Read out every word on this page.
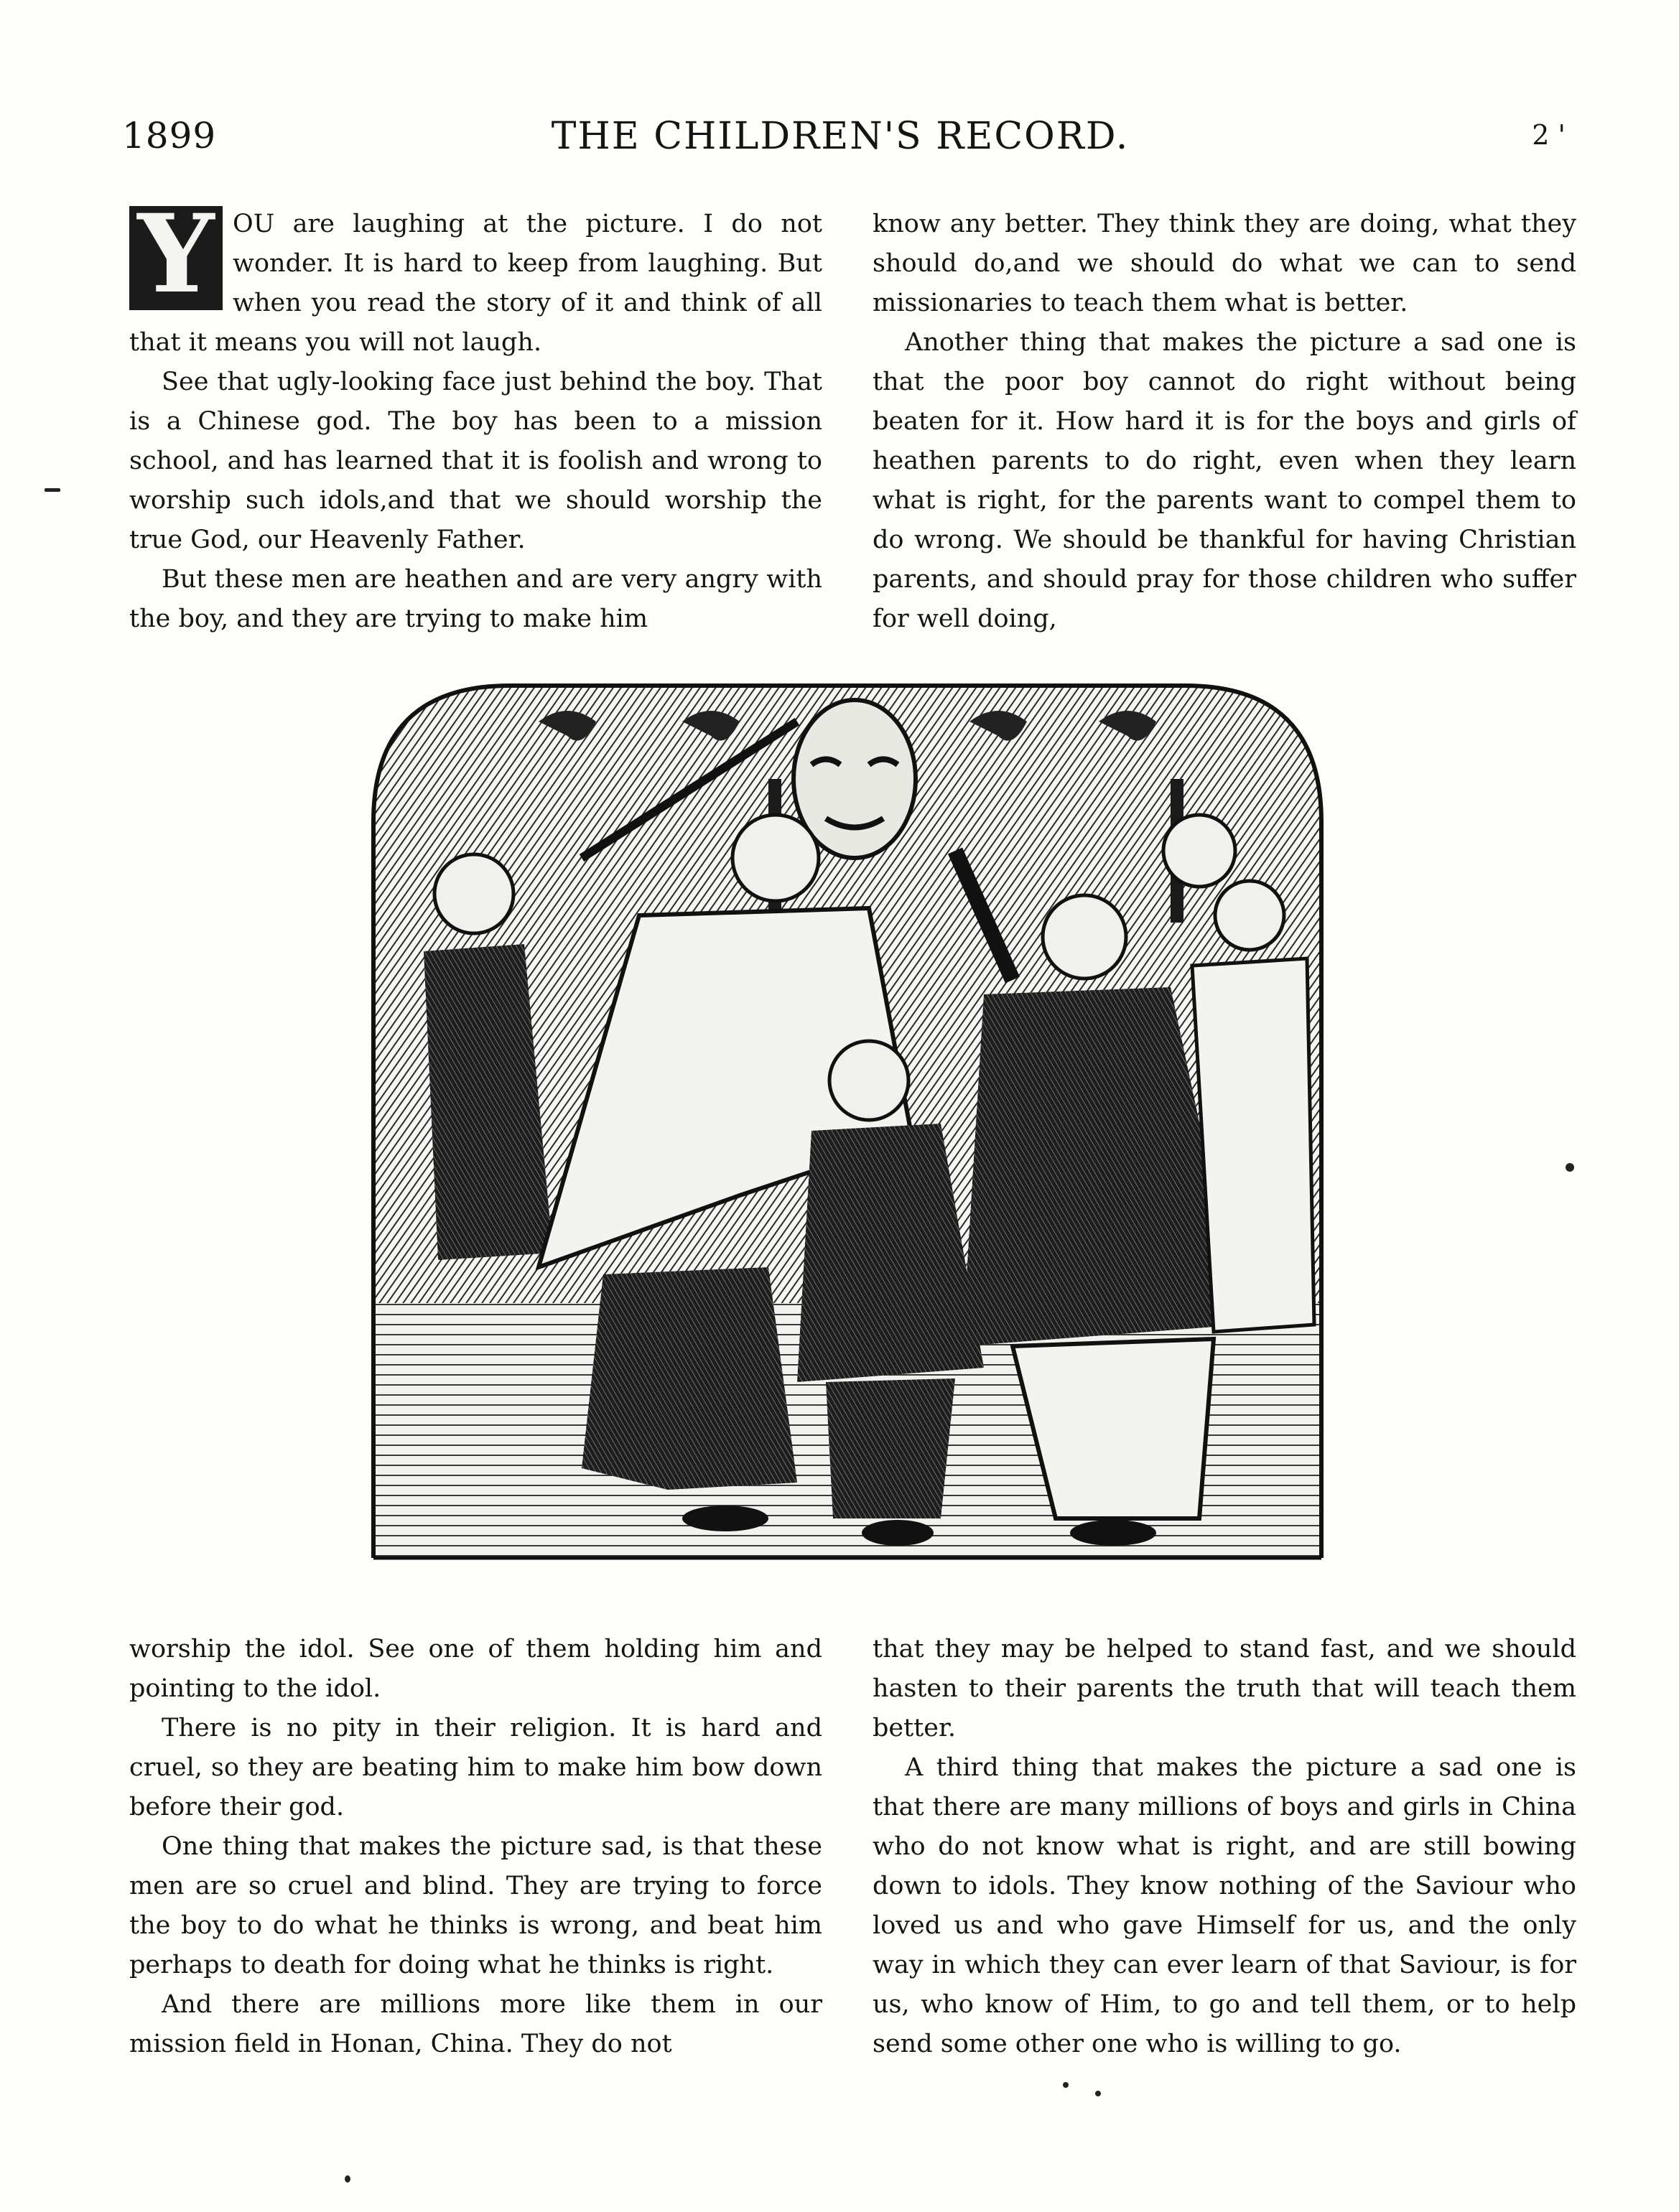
1899	THE CHILDREN'S RECORD.	2 '

Y OU are laughing at the picture. I do not wonder. It is hard to keep from laughing. But when you read the story of it and think of all that it means you will not laugh.

See that ugly-looking face just behind the boy. That is a Chinese god. The boy has been to a mission school, and has learned that it is foolish and wrong to worship such idols,and that we should worship the true God, our Heavenly Father.

But these men are heathen and are very angry with the boy, and they are trying to make him

know any better. They think they are doing, what they should do,and we should do what we can to send missionaries to teach them what is better.

Another thing that makes the picture a sad one is that the poor boy cannot do right without being beaten for it. How hard it is for the boys and girls of heathen parents to do right, even when they learn what is right, for the parents want to compel them to do wrong. We should be thankful for having Christian parents, and should pray for those children who suffer for well doing,

worship the idol. See one of them holding him and pointing to the idol.

There is no pity in their religion. It is hard and cruel, so they are beating him to make him bow down before their god.

One thing that makes the picture sad, is that these men are so cruel and blind. They are trying to force the boy to do what he thinks is wrong, and beat him perhaps to death for doing what he thinks is right.

And there are millions more like them in our mission field in Honan, China. They do not

that they may be helped to stand fast, and we should hasten to their parents the truth that will teach them better.

A third thing that makes the picture a sad one is that there are many millions of boys and girls in China who do not know what is right, and are still bowing down to idols. They know nothing of the Saviour who loved us and who gave Himself for us, and the only way in which they can ever learn of that Saviour, is for us, who know of Him, to go and tell them, or to help send some other one who is willing to go.
